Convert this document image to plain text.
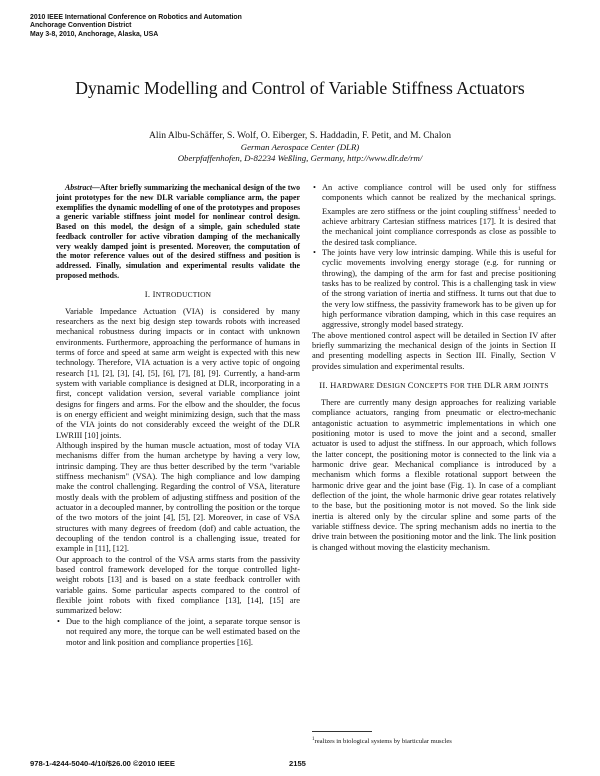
2010 IEEE International Conference on Robotics and Automation
Anchorage Convention District
May 3-8, 2010, Anchorage, Alaska, USA
Dynamic Modelling and Control of Variable Stiffness Actuators
Alin Albu-Schäffer, S. Wolf, O. Eiberger, S. Haddadin, F. Petit, and M. Chalon
German Aerospace Center (DLR)
Oberpfaffenhofen, D-82234 Weßling, Germany, http://www.dlr.de/rm/

Abstract—After briefly summarizing the mechanical design of the two joint prototypes for the new DLR variable compliance arm, the paper exemplifies the dynamic modelling of one of the prototypes and proposes a generic variable stiffness joint model for nonlinear control design. Based on this model, the design of a simple, gain scheduled state feedback controller for active vibration damping of the mechanically very weakly damped joint is presented. Moreover, the computation of the motor reference values out of the desired stiffness and position is addressed. Finally, simulation and experimental results validate the proposed methods.

I. INTRODUCTION

Variable Impedance Actuation (VIA) is considered by many researchers as the next big design step towards robots with increased mechanical robustness during impacts or in contact with unknown environments. Furthermore, approaching the performance of humans in terms of force and speed at same arm weight is expected with this new technology. Therefore, VIA actuation is a very active topic of ongoing research [1], [2], [3], [4], [5], [6], [7], [8], [9]. Currently, a hand-arm system with variable compliance is designed at DLR, incorporating in a first, concept validation version, several variable compliance joint designs for fingers and arms. For the elbow and the shoulder, the focus is on energy efficient and weight minimizing design, such that the mass of the VIA joints do not considerably exceed the weight of the DLR LWRIII [10] joints.

Although inspired by the human muscle actuation, most of today VIA mechanisms differ from the human archetype by having a very low, intrinsic damping. They are thus better described by the term "variable stiffness mechanism" (VSA). The high compliance and low damping make the control challenging. Regarding the control of VSA, literature mostly deals with the problem of adjusting stiffness and position of the actuator in a decoupled manner, by controlling the position or the torque of the two motors of the joint [4], [5], [2]. Moreover, in case of VSA structures with many degrees of freedom (dof) and cable actuation, the decoupling of the tendon control is a challenging issue, treated for example in [11], [12].

Our approach to the control of the VSA arms starts from the passivity based control framework developed for the torque controlled light-weight robots [13] and is based on a state feedback controller with variable gains. Some particular aspects compared to the control of flexible joint robots with fixed compliance [13], [14], [15] are summarized below:

• Due to the high compliance of the joint, a separate torque sensor is not required any more, the torque can be well estimated based on the motor and link position and compliance properties [16].
• An active compliance control will be used only for stiffness components which cannot be realized by the mechanical springs. Examples are zero stiffness or the joint coupling stiffness$^1$ needed to achieve arbitrary Cartesian stiffness matrices [17]. It is desired that the mechanical joint compliance corresponds as close as possible to the desired task compliance.
• The joints have very low intrinsic damping. While this is useful for cyclic movements involving energy storage (e.g. for running or throwing), the damping of the arm for fast and precise positioning tasks has to be realized by control. This is a challenging task in view of the strong variation of inertia and stiffness. It turns out that due to the very low stiffness, the passivity framework has to be given up for high performance vibration damping, which in this case requires an aggressive, strongly model based strategy.

The above mentioned control aspect will be detailed in Section IV after briefly summarizing the mechanical design of the joints in Section II and presenting modelling aspects in Section III. Finally, Section V provides simulation and experimental results.

II. HARDWARE DESIGN CONCEPTS FOR THE DLR ARM JOINTS

There are currently many design approaches for realizing variable compliance actuators, ranging from pneumatic or electro-mechanic antagonistic actuation to asymmetric implementations in which one positioning motor is used to move the joint and a second, smaller actuator is used to adjust the stiffness. In our approach, which follows the latter concept, the positioning motor is connected to the link via a harmonic drive gear. Mechanical compliance is introduced by a mechanism which forms a flexible rotational support between the harmonic drive gear and the joint base (Fig. 1). In case of a compliant deflection of the joint, the whole harmonic drive gear rotates relatively to the base, but the positioning motor is not moved. So the link side inertia is altered only by the circular spline and some parts of the variable stiffness device. The spring mechanism adds no inertia to the drive train between the positioning motor and the link. The link position is changed without moving the elasticity mechanism.

$^1$realizes in biological systems by biarticular muscles
978-1-4244-5040-4/10/$26.00 ©2010 IEEE	2155
